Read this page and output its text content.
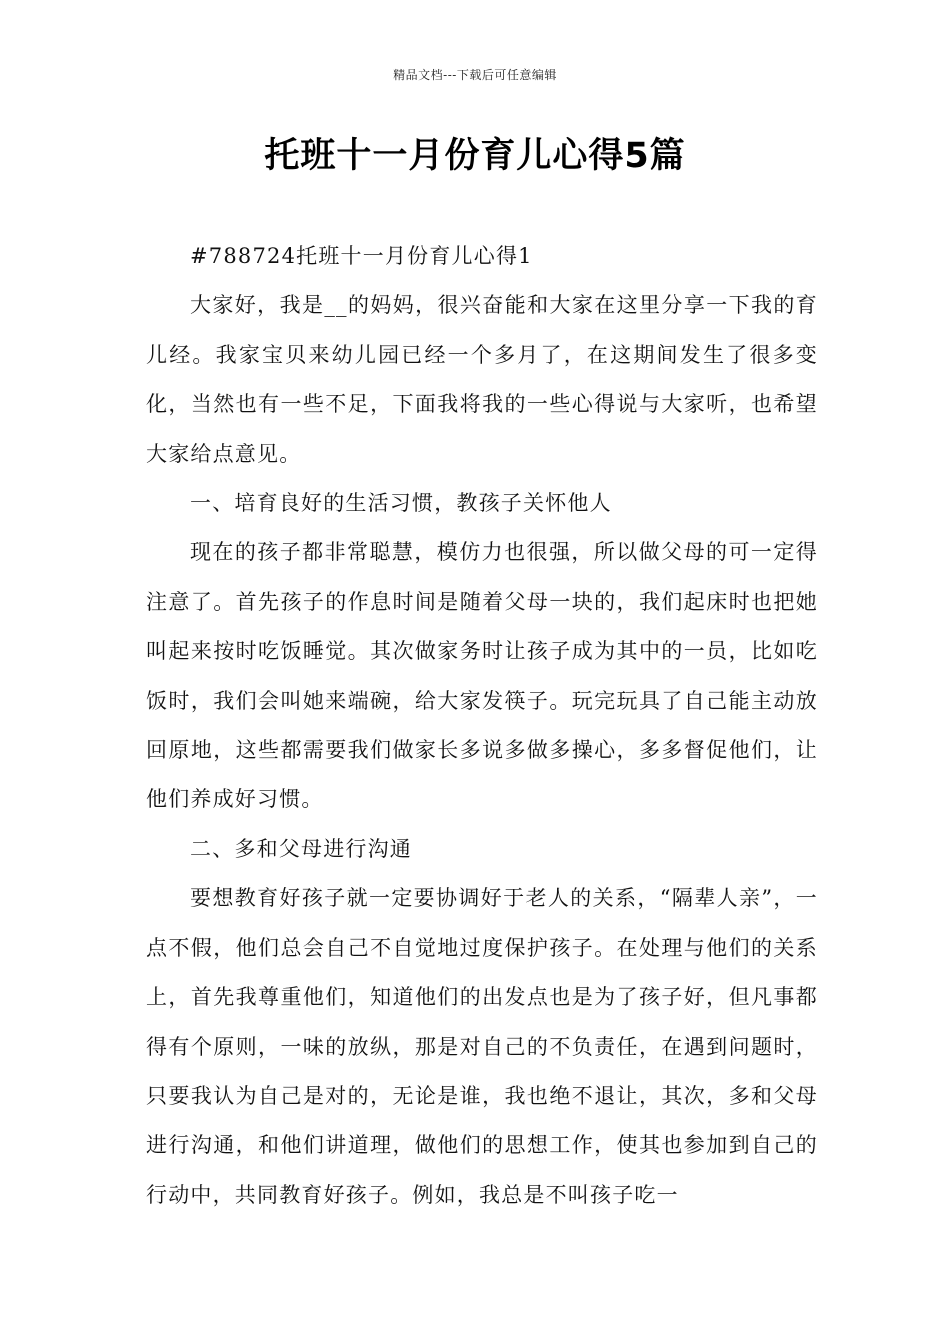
精品文档---下载后可任意编辑
托班十一月份育儿心得5篇

#788724托班十一月份育儿心得1

大家好，我是__的妈妈，很兴奋能和大家在这里分享一下我的育儿经。我家宝贝来幼儿园已经一个多月了，在这期间发生了很多变化，当然也有一些不足，下面我将我的一些心得说与大家听，也希望大家给点意见。

一、培育良好的生活习惯，教孩子关怀他人

现在的孩子都非常聪慧，模仿力也很强，所以做父母的可一定得注意了。首先孩子的作息时间是随着父母一块的，我们起床时也把她叫起来按时吃饭睡觉。其次做家务时让孩子成为其中的一员，比如吃饭时，我们会叫她来端碗，给大家发筷子。玩完玩具了自己能主动放回原地，这些都需要我们做家长多说多做多操心，多多督促他们，让他们养成好习惯。

二、多和父母进行沟通

要想教育好孩子就一定要协调好于老人的关系，“隔辈人亲”，一点不假，他们总会自己不自觉地过度保护孩子。在处理与他们的关系上，首先我尊重他们，知道他们的出发点也是为了孩子好，但凡事都得有个原则，一味的放纵，那是对自己的不负责任，在遇到问题时，只要我认为自己是对的，无论是谁，我也绝不退让，其次，多和父母进行沟通，和他们讲道理，做他们的思想工作，使其也参加到自己的行动中，共同教育好孩子。例如，我总是不叫孩子吃一
